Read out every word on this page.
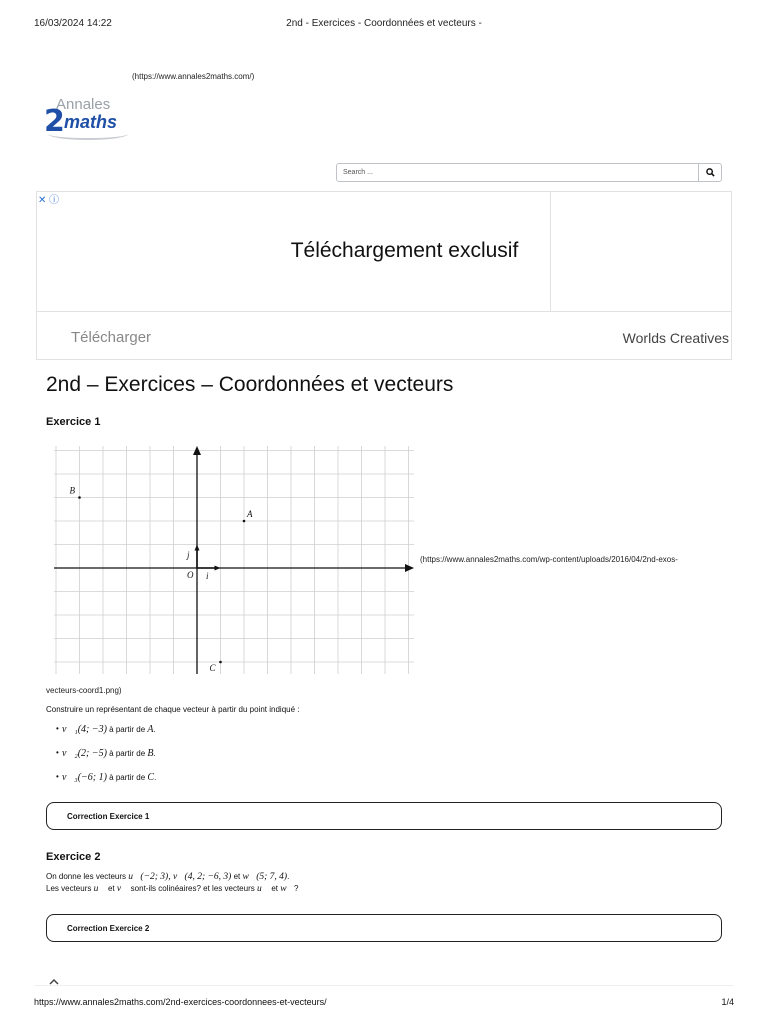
16/03/2024 14:22	2nd - Exercices - Coordonnées et vecteurs -
(https://www.annales2maths.com/)
Annales
2 maths
Search ...
✕ ⓘ
Téléchargement exclusif
Télécharger	Worlds Creatives
2nd – Exercices – Coordonnées et vecteurs
Exercice 1
O i⃗
j⃗
A
B
C
(https://www.annales2maths.com/wp-content/uploads/2016/04/2nd-exos-
vecteurs-coord1.png)
Construire un représentant de chaque vecteur à partir du point indiqué :
• v⃗₁(4; −3) à partir de A.
• v⃗₂(2; −5) à partir de B.
• v⃗₃(−6; 1) à partir de C.
Correction Exercice 1
Exercice 2
On donne les vecteurs u⃗(−2; 3), v⃗(4, 2; −6, 3) et w⃗(5; 7, 4).
Les vecteurs u⃗ et v⃗ sont-ils colinéaires? et les vecteurs u⃗ et w⃗?
Correction Exercice 2
https://www.annales2maths.com/2nd-exercices-coordonnees-et-vecteurs/	1/4
